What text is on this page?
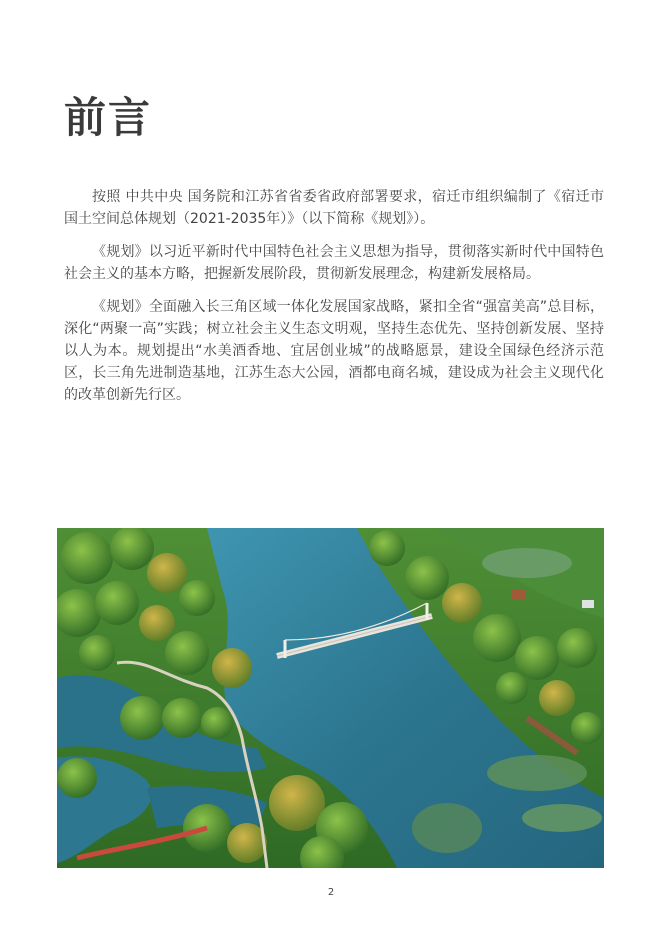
前言

按照 中共中央 国务院和江苏省省委省政府部署要求，宿迁市组织编制了《宿迁市国土空间总体规划（2021-2035年）》（以下简称《规划》）。

《规划》以习近平新时代中国特色社会主义思想为指导，贯彻落实新时代中国特色社会主义的基本方略，把握新发展阶段，贯彻新发展理念，构建新发展格局。

《规划》全面融入长三角区域一体化发展国家战略，紧扣全省“强富美高”总目标，深化“两聚一高”实践；树立社会主义生态文明观，坚持生态优先、坚持创新发展、坚持以人为本。规划提出“水美酒香地、宜居创业城”的战略愿景，建设全国绿色经济示范区，长三角先进制造基地，江苏生态大公园，酒都电商名城，建设成为社会主义现代化的改革创新先行区。

2
